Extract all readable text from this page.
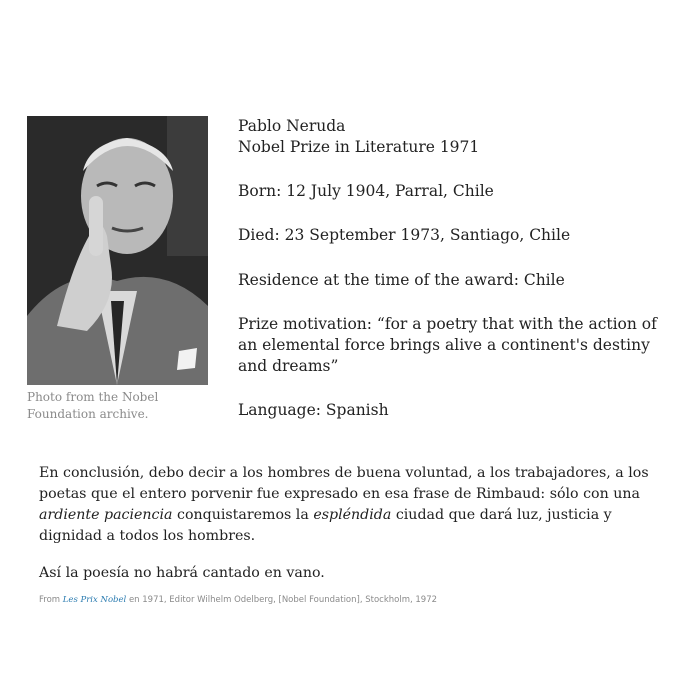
Photo from the Nobel
Foundation archive.

Pablo Neruda

Nobel Prize in Literature 1971

Born: 12 July 1904, Parral, Chile

Died: 23 September 1973, Santiago, Chile

Residence at the time of the award: Chile

Prize motivation: “for a poetry that with the action of an elemental force brings alive a continent's destiny and dreams”

Language: Spanish

En conclusión, debo decir a los hombres de buena voluntad, a los trabajadores, a los poetas que el entero porvenir fue expresado en esa frase de Rimbaud: sólo con una ardiente paciencia conquistaremos la espléndida ciudad que dará luz, justicia y dignidad a todos los hombres.

Así la poesía no habrá cantado en vano.

From Les Prix Nobel en 1971, Editor Wilhelm Odelberg, [Nobel Foundation], Stockholm, 1972
